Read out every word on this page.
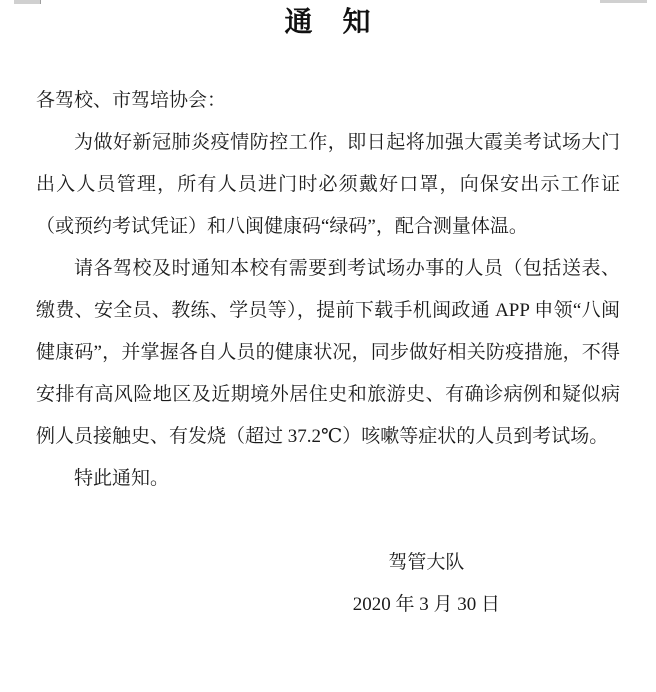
通　知

各驾校、市驾培协会：

为做好新冠肺炎疫情防控工作，即日起将加强大霞美考试场大门出入人员管理，所有人员进门时必须戴好口罩，向保安出示工作证（或预约考试凭证）和八闽健康码“绿码”，配合测量体温。

请各驾校及时通知本校有需要到考试场办事的人员（包括送表、缴费、安全员、教练、学员等），提前下载手机闽政通 APP 申领“八闽健康码”，并掌握各自人员的健康状况，同步做好相关防疫措施，不得安排有高风险地区及近期境外居住史和旅游史、有确诊病例和疑似病例人员接触史、有发烧（超过 37.2℃）咳嗽等症状的人员到考试场。

特此通知。

驾管大队
2020 年 3 月 30 日
